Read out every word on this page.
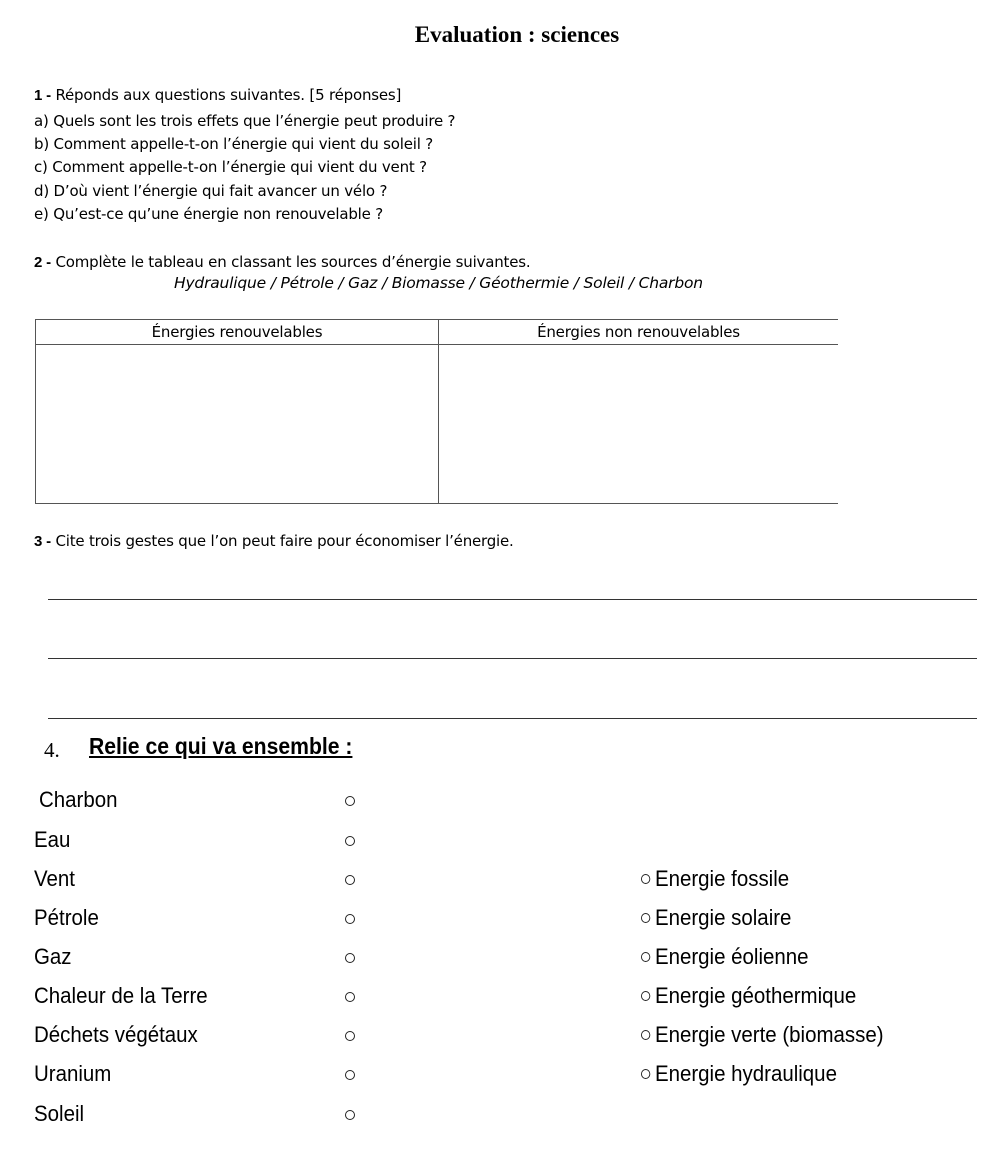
Evaluation : sciences
1 - Réponds aux questions suivantes. [5 réponses]
a) Quels sont les trois effets que l’énergie peut produire ?
b) Comment appelle-t-on l’énergie qui vient du soleil ?
c) Comment appelle-t-on l’énergie qui vient du vent ?
d) D’où vient l’énergie qui fait avancer un vélo ?
e) Qu’est-ce qu’une énergie non renouvelable ?
2 - Complète le tableau en classant les sources d’énergie suivantes.
Hydraulique / Pétrole / Gaz / Biomasse / Géothermie / Soleil / Charbon
Énergies renouvelables	Énergies non renouvelables

3 - Cite trois gestes que l’on peut faire pour économiser l’énergie.
4. Relie ce qui va ensemble :
Charbon
Eau
Vent
Pétrole
Gaz
Chaleur de la Terre
Déchets végétaux
Uranium
Soleil
Energie fossile
Energie solaire
Energie éolienne
Energie géothermique
Energie verte (biomasse)
Energie hydraulique
